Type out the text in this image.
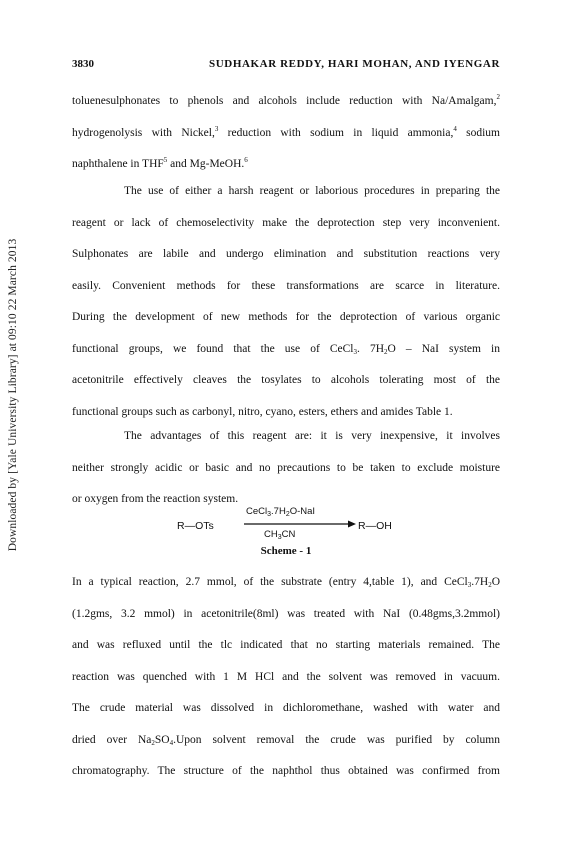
Downloaded by [Yale University Library] at 09:10 22 March 2013
3830	SUDHAKAR REDDY, HARI MOHAN, AND IYENGAR
toluenesulphonates to phenols and alcohols include reduction with Na/Amalgam,$^2$
hydrogenolysis with Nickel,$^3$ reduction with sodium in liquid ammonia,$^4$ sodium
naphthalene in THF$^5$ and Mg-MeOH.$^6$
The use of either a harsh reagent or laborious procedures in preparing the
reagent or lack of chemoselectivity make the deprotection step very inconvenient.
Sulphonates are labile and undergo elimination and substitution reactions very
easily. Convenient methods for these transformations are scarce in literature.
During the development of new methods for the deprotection of various organic
functional groups, we found that the use of CeCl$_3$. $7H_2O$ – NaI system in
acetonitrile effectively cleaves the tosylates to alcohols tolerating most of the
functional groups such as carbonyl, nitro, cyano, esters, ethers and amides Table 1.
The advantages of this reagent are: it is very inexpensive, it involves
neither strongly acidic or basic and no precautions to be taken to exclude moisture
or oxygen from the reaction system.
R—OTs
$CeCl_3.7H_2O$-NaI
$CH_3CN$
R—OH
Scheme - 1
In a typical reaction, 2.7 mmol, of the substrate (entry 4,table 1), and $CeCl_3.7H_2O$
(1.2gms, 3.2 mmol) in acetonitrile(8ml) was treated with NaI (0.48gms,3.2mmol)
and was refluxed until the tlc indicated that no starting materials remained. The
reaction was quenched with 1 M HCl and the solvent was removed in vacuum.
The crude material was dissolved in dichloromethane, washed with water and
dried over $Na_2SO_4.Upon$ solvent removal the crude was purified by column
chromatography. The structure of the naphthol thus obtained was confirmed from
